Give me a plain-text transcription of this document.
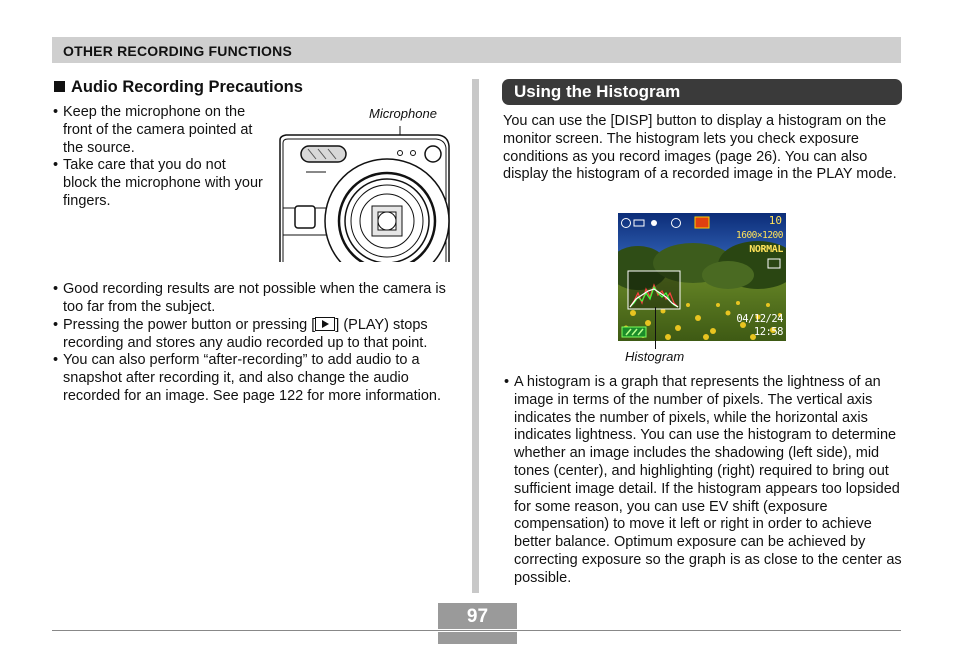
OTHER RECORDING FUNCTIONS
Audio Recording Precautions
• Keep the microphone on the front of the camera pointed at the source.
• Take care that you do not block the microphone with your fingers.
Microphone
• Good recording results are not possible when the camera is too far from the subject.
• Pressing the power button or pressing [ ] (PLAY) stops recording and stores any audio recorded up to that point.
• You can also perform “after-recording” to add audio to a snapshot after recording it, and also change the audio recorded for an image. See page 122 for more information.
Using the Histogram
You can use the [DISP] button to display a histogram on the monitor screen. The histogram lets you check exposure conditions as you record images (page 26). You can also display the histogram of a recorded image in the PLAY mode.
10
1600×1200
NORMAL
04/12/24
12:58
Histogram
• A histogram is a graph that represents the lightness of an image in terms of the number of pixels. The vertical axis indicates the number of pixels, while the horizontal axis indicates lightness. You can use the histogram to determine whether an image includes the shadowing (left side), mid tones (center), and highlighting (right) required to bring out sufficient image detail. If the histogram appears too lopsided for some reason, you can use EV shift (exposure compensation) to move it left or right in order to achieve better balance. Optimum exposure can be achieved by correcting exposure so the graph is as close to the center as possible.
97
